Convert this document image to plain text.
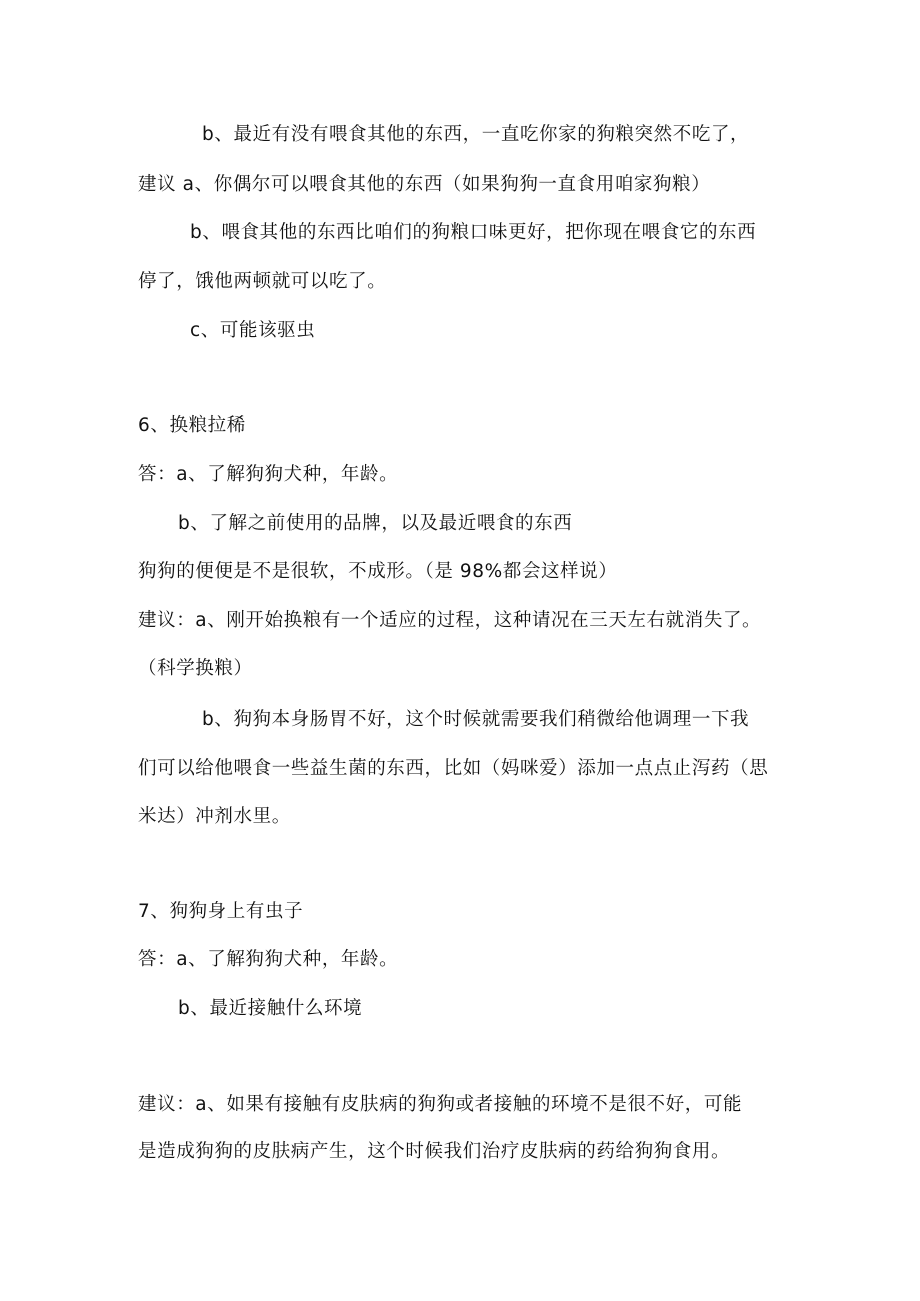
b、最近有没有喂食其他的东西，一直吃你家的狗粮突然不吃了，
建议 a、你偶尔可以喂食其他的东西（如果狗狗一直食用咱家狗粮）
b、喂食其他的东西比咱们的狗粮口味更好，把你现在喂食它的东西
停了，饿他两顿就可以吃了。
c、可能该驱虫
6、换粮拉稀
答：a、了解狗狗犬种，年龄。
b、了解之前使用的品牌，以及最近喂食的东西
狗狗的便便是不是很软，不成形。（是 98%都会这样说）
建议：a、刚开始换粮有一个适应的过程，这种请况在三天左右就消失了。
（科学换粮）
b、狗狗本身肠胃不好，这个时候就需要我们稍微给他调理一下我
们可以给他喂食一些益生菌的东西，比如（妈咪爱）添加一点点止泻药（思
米达）冲剂水里。
7、狗狗身上有虫子
答：a、了解狗狗犬种，年龄。
b、最近接触什么环境
建议：a、如果有接触有皮肤病的狗狗或者接触的环境不是很不好，可能
是造成狗狗的皮肤病产生，这个时候我们治疗皮肤病的药给狗狗食用。
